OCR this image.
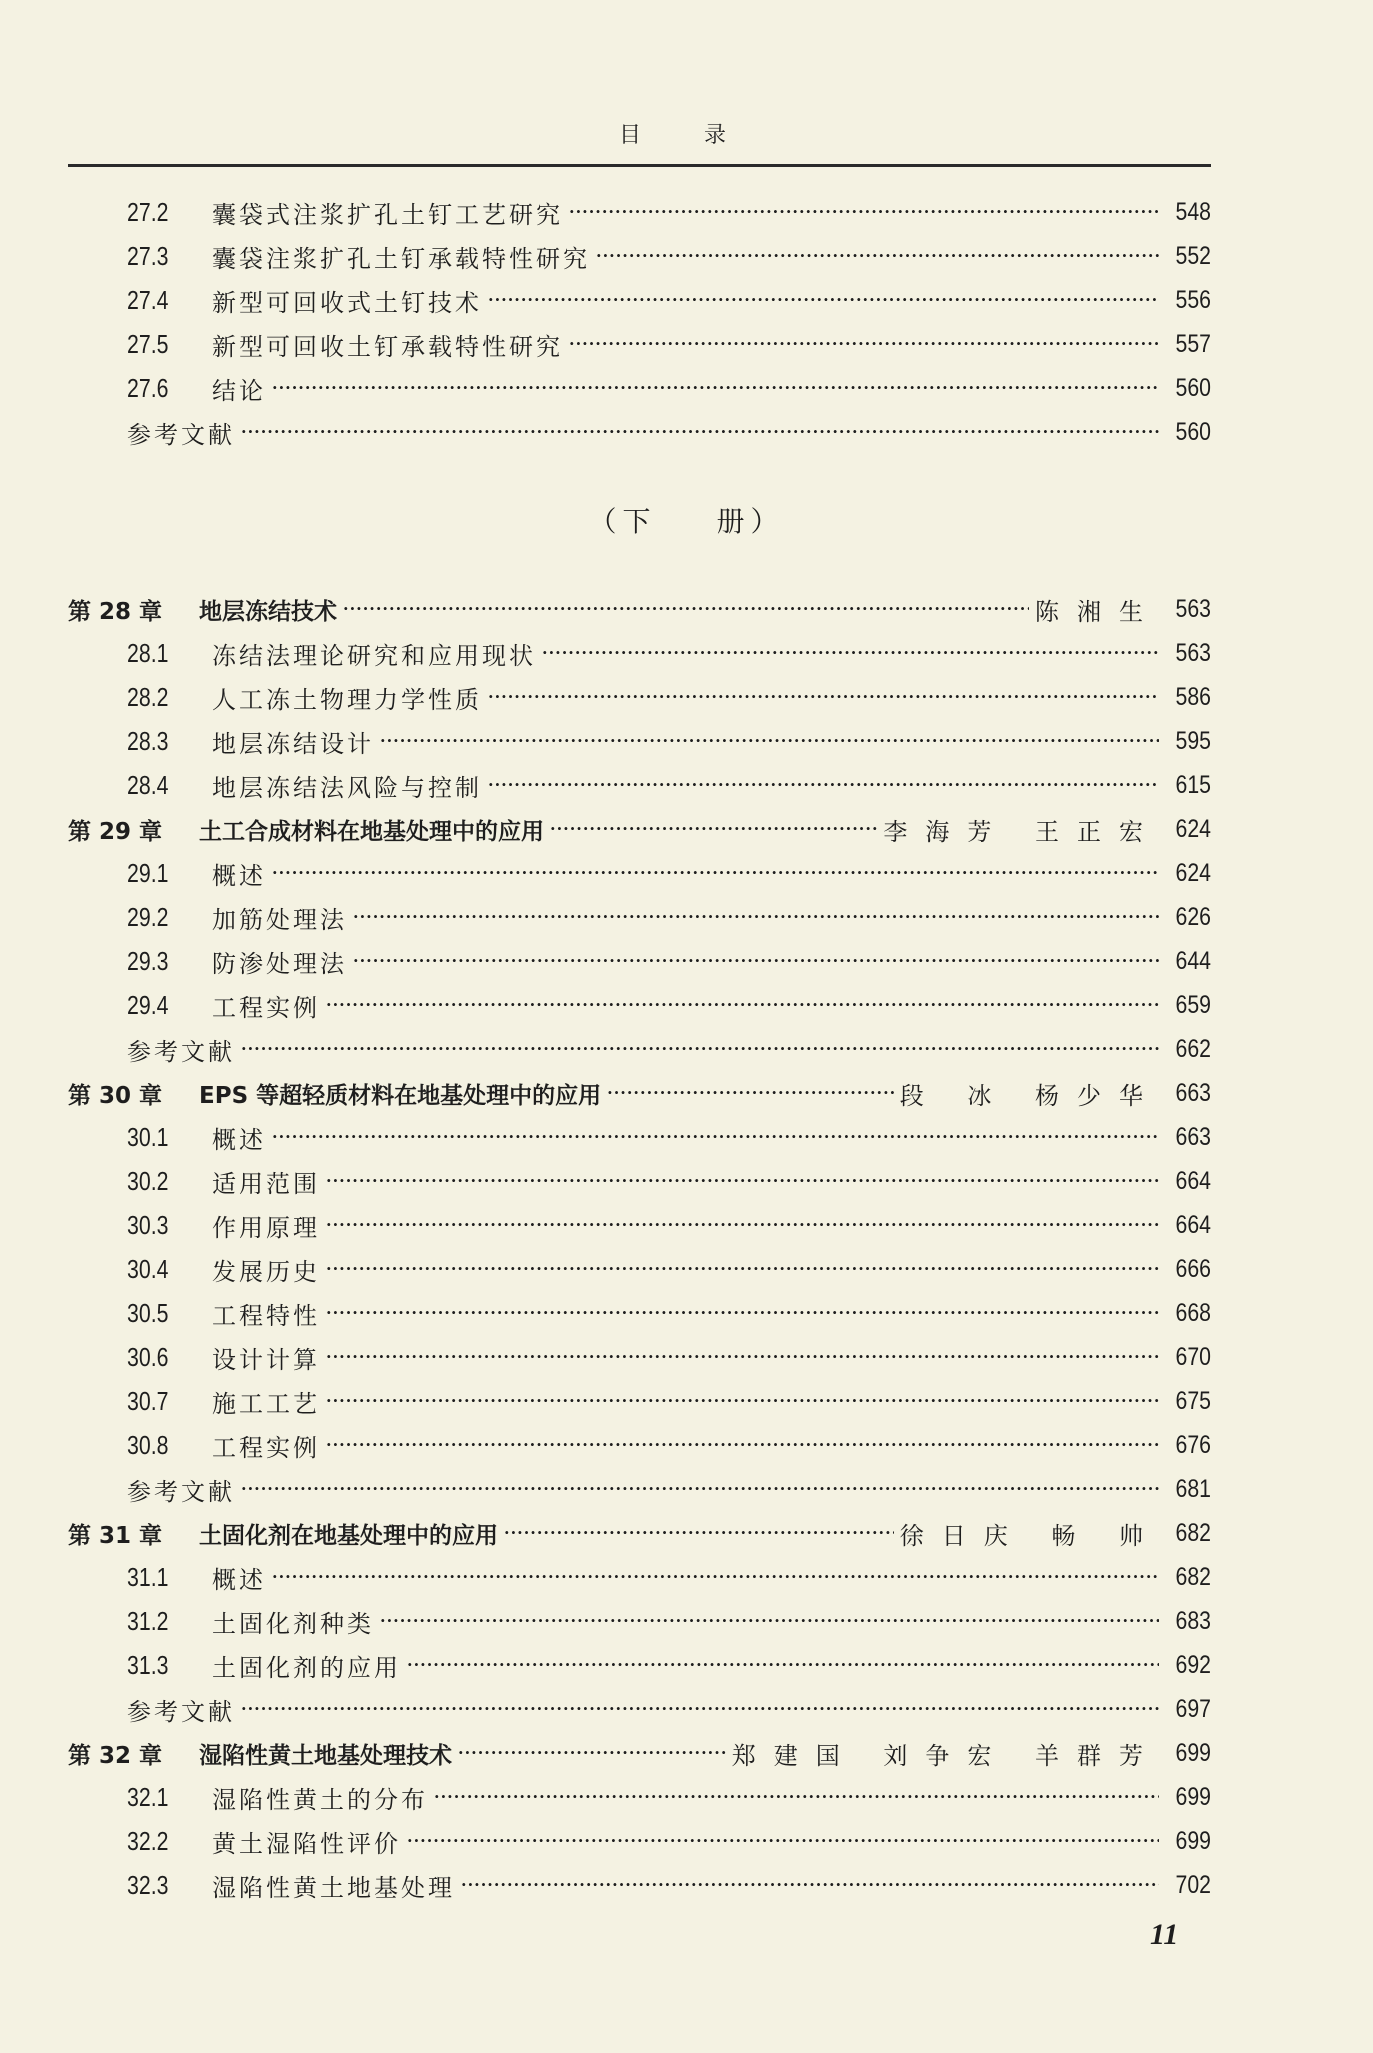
目 录
27.2	囊袋式注浆扩孔土钉工艺研究 ·····	548
27.3	囊袋注浆扩孔土钉承载特性研究 ·····	552
27.4	新型可回收式土钉技术 ·····	556
27.5	新型可回收土钉承载特性研究 ·····	557
27.6	结论 ·····	560
参考文献 ·····	560
（下 册）
第 28 章	地层冻结技术 ·····	陈湘生 563
28.1	冻结法理论研究和应用现状 ·····	563
28.2	人工冻土物理力学性质 ·····	586
28.3	地层冻结设计 ·····	595
28.4	地层冻结法风险与控制 ·····	615
第 29 章	土工合成材料在地基处理中的应用 ·····	李海芳 王正宏 624
29.1	概述 ·····	624
29.2	加筋处理法 ·····	626
29.3	防渗处理法 ·····	644
29.4	工程实例 ·····	659
参考文献 ·····	662
第 30 章	EPS 等超轻质材料在地基处理中的应用 ·····	段 冰 杨少华 663
30.1	概述 ·····	663
30.2	适用范围 ·····	664
30.3	作用原理 ·····	664
30.4	发展历史 ·····	666
30.5	工程特性 ·····	668
30.6	设计计算 ·····	670
30.7	施工工艺 ·····	675
30.8	工程实例 ·····	676
参考文献 ·····	681
第 31 章	土固化剂在地基处理中的应用 ·····	徐日庆 畅 帅 682
31.1	概述 ·····	682
31.2	土固化剂种类 ·····	683
31.3	土固化剂的应用 ·····	692
参考文献 ·····	697
第 32 章	湿陷性黄土地基处理技术 ·····	郑建国 刘争宏 羊群芳 699
32.1	湿陷性黄土的分布 ·····	699
32.2	黄土湿陷性评价 ·····	699
32.3	湿陷性黄土地基处理 ·····	702
11
